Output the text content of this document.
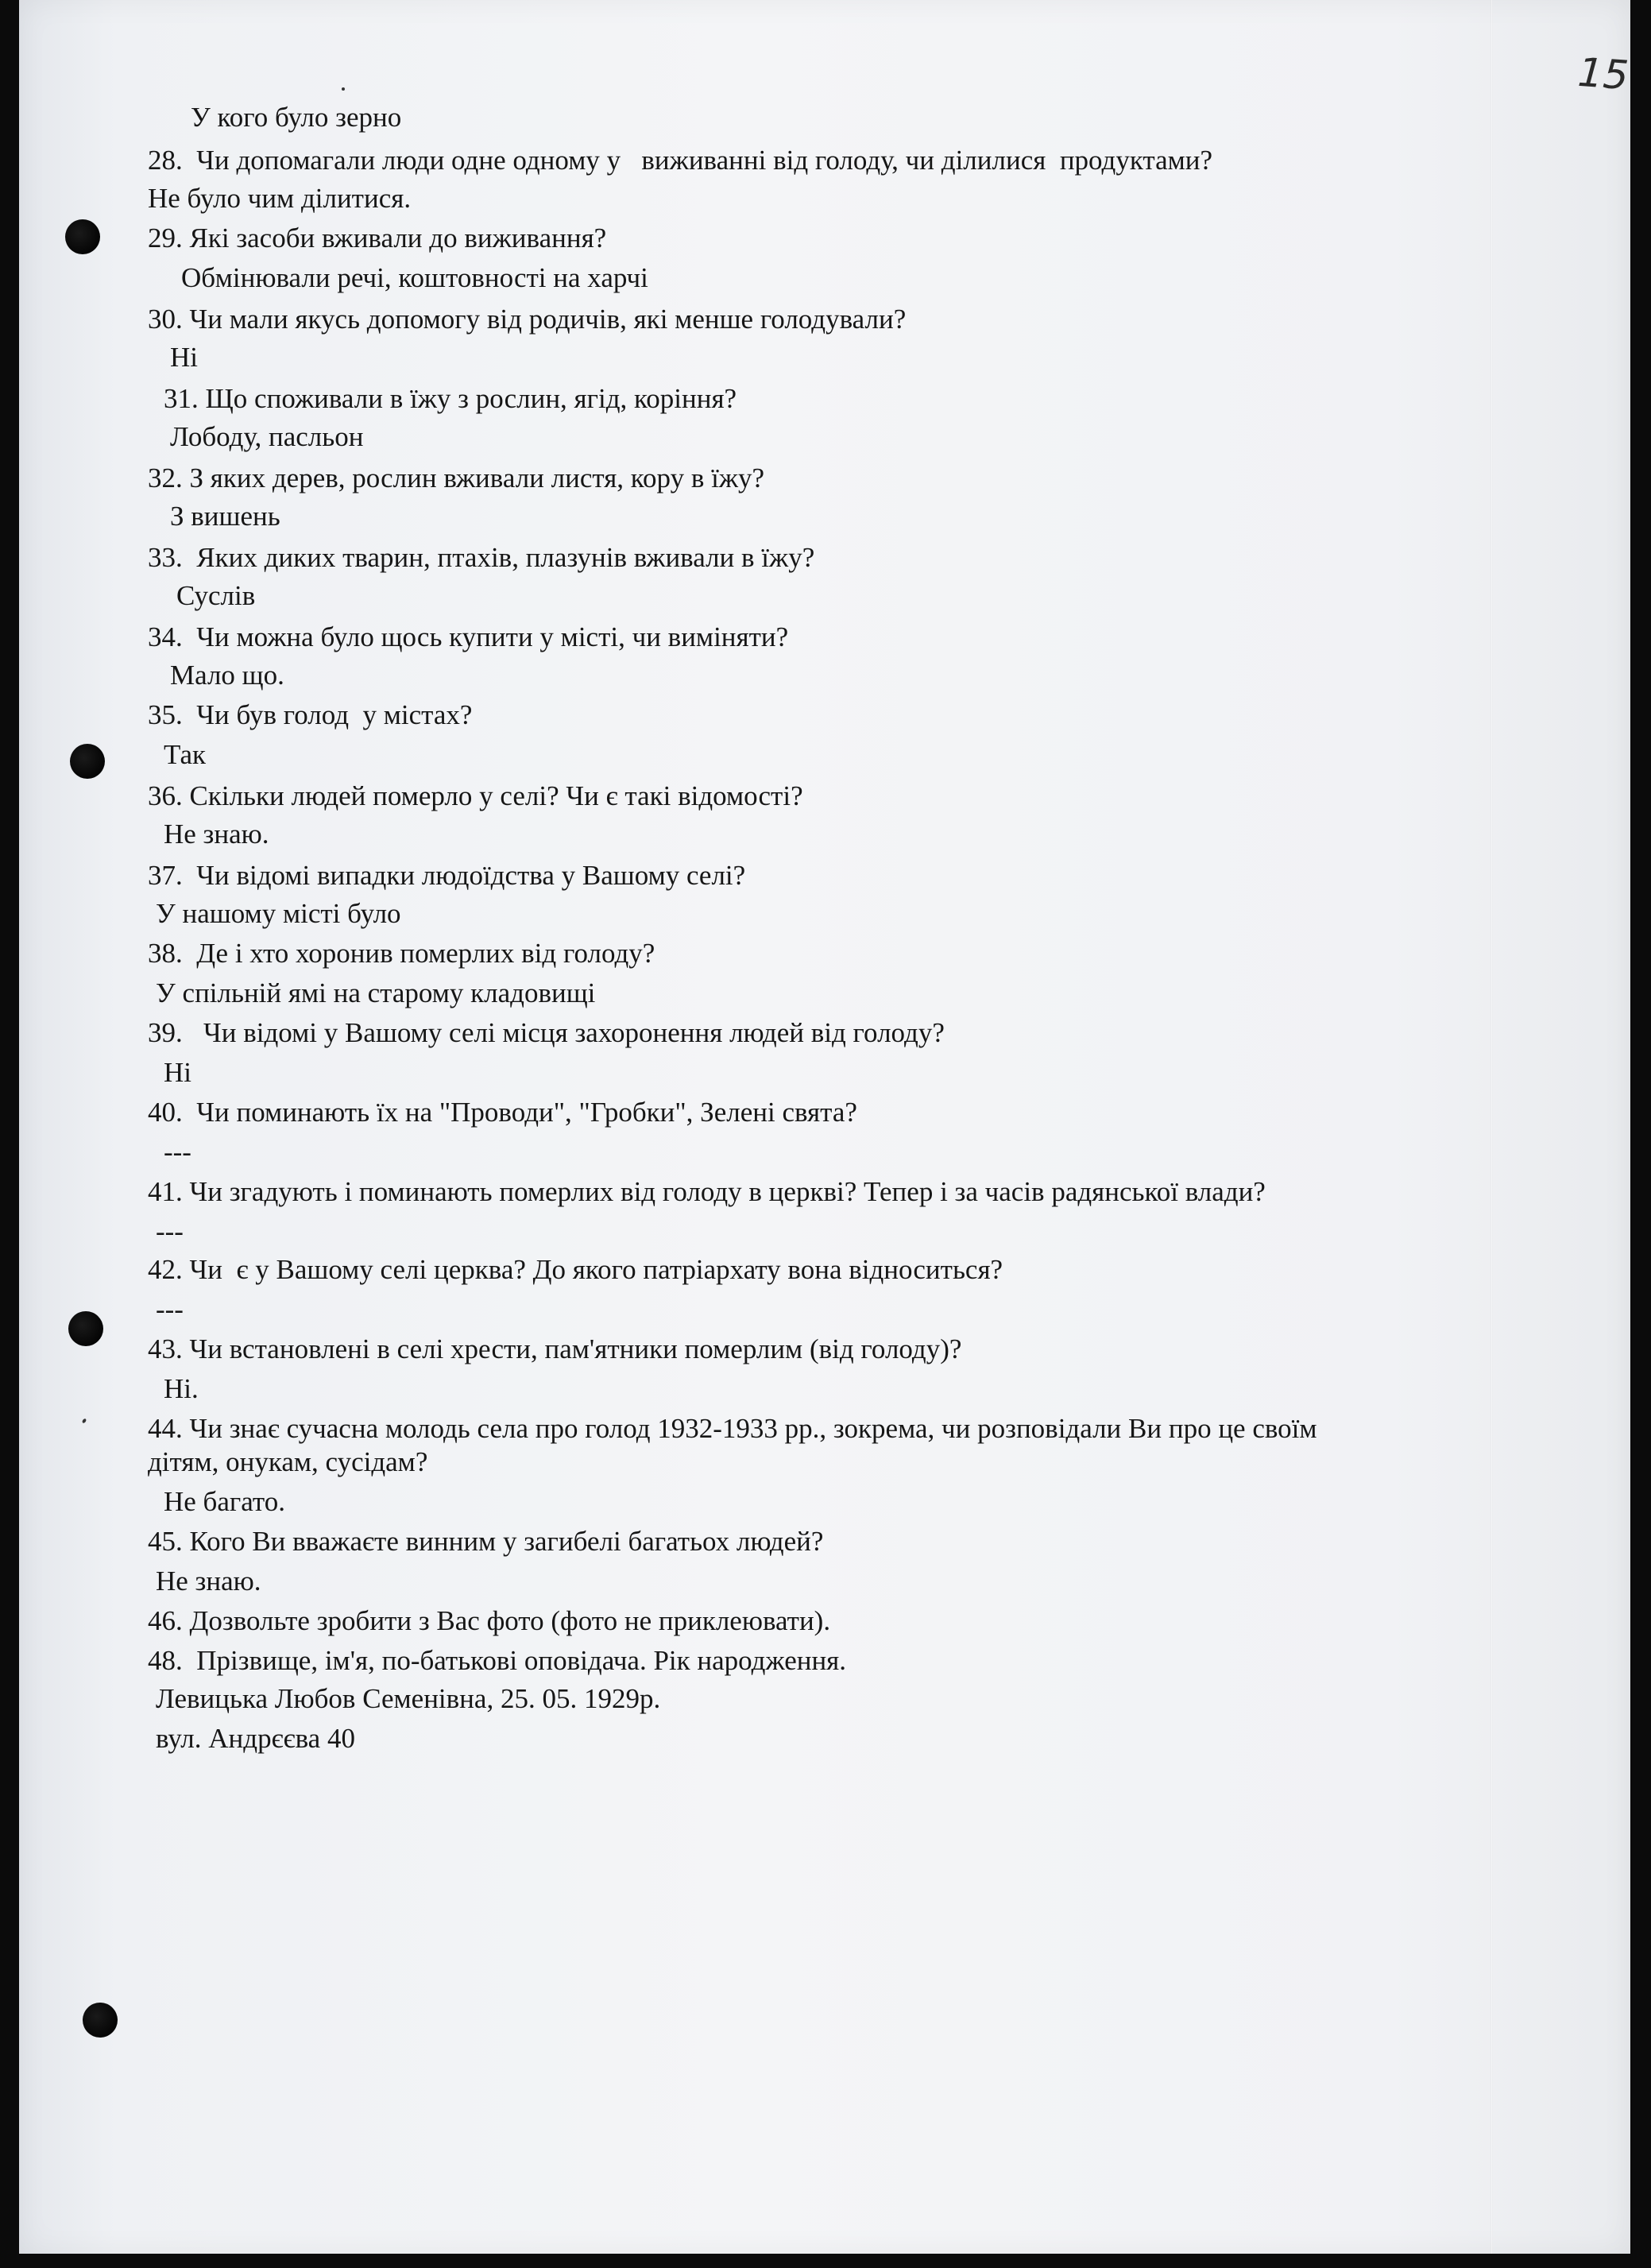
15
У кого було зерно
28.  Чи допомагали люди одне одному у   виживанні від голоду, чи ділилися  продуктами?
Не було чим ділитися.
29. Які засоби вживали до виживання?
Обмінювали речі, коштовності на харчі
30. Чи мали якусь допомогу від родичів, які менше голодували?
Ні
31. Що споживали в їжу з рослин, ягід, коріння?
Лободу, пасльон
32. З яких дерев, рослин вживали листя, кору в їжу?
З вишень
33.  Яких диких тварин, птахів, плазунів вживали в їжу?
Суслів
34.  Чи можна було щось купити у місті, чи виміняти?
Мало що.
35.  Чи був голод  у містах?
Так
36. Скільки людей померло у селі? Чи є такі відомості?
Не знаю.
37.  Чи відомі випадки людоїдства у Вашому селі?
У нашому місті було
38.  Де і хто хоронив померлих від голоду?
У спільній ямі на старому кладовищі
39.   Чи відомі у Вашому селі місця захоронення людей від голоду?
Ні
40.  Чи поминають їх на "Проводи", "Гробки", Зелені свята?
---
41. Чи згадують і поминають померлих від голоду в церкві? Тепер і за часів радянської влади?
---
42. Чи  є у Вашому селі церква? До якого патріархату вона відноситься?
---
43. Чи встановлені в селі хрести, пам'ятники померлим (від голоду)?
Ні.
44. Чи знає сучасна молодь села про голод 1932-1933 рр., зокрема, чи розповідали Ви про це своїм
дітям, онукам, сусідам?
Не багато.
45. Кого Ви вважаєте винним у загибелі багатьох людей?
Не знаю.
46. Дозвольте зробити з Вас фото (фото не приклеювати).
48.  Прізвище, ім'я, по-батькові оповідача. Рік народження.
Левицька Любов Семенівна, 25. 05. 1929р.
вул. Андрєєва 40
